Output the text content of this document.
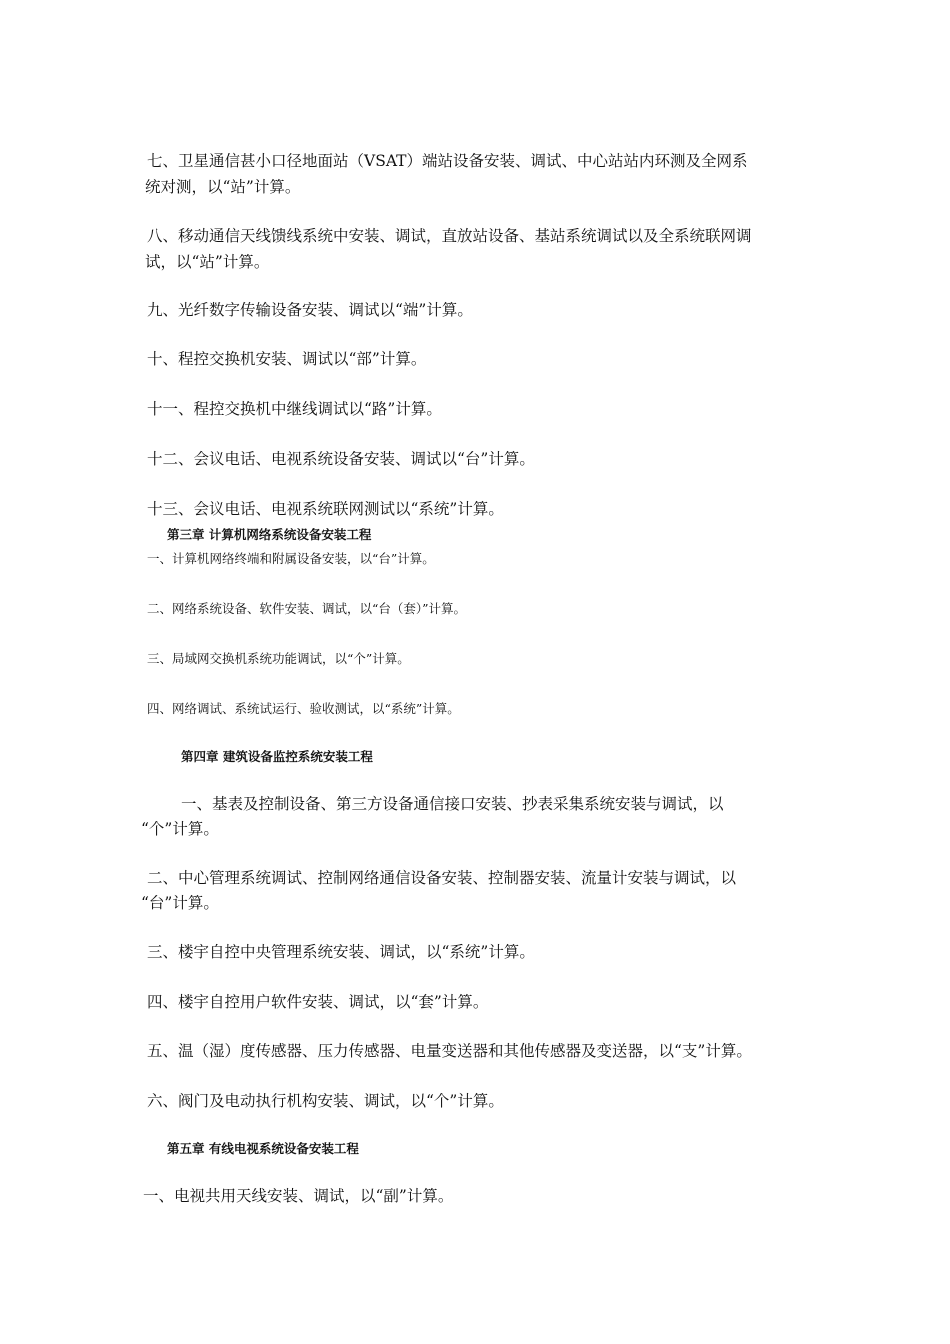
七、卫星通信甚小口径地面站（VSAT）端站设备安装、调试、中心站站内环测及全网系

统对测，以“站”计算。

八、移动通信天线馈线系统中安装、调试，直放站设备、基站系统调试以及全系统联网调

试，以“站”计算。

九、光纤数字传输设备安装、调试以“端”计算。

十、程控交换机安装、调试以“部”计算。

十一、程控交换机中继线调试以“路”计算。

十二、会议电话、电视系统设备安装、调试以“台”计算。

十三、会议电话、电视系统联网测试以“系统”计算。

第三章 计算机网络系统设备安装工程

一、计算机网络终端和附属设备安装，以“台”计算。

二、网络系统设备、软件安装、调试，以“台（套）”计算。

三、局域网交换机系统功能调试，以“个”计算。

四、网络调试、系统试运行、验收测试，以“系统”计算。

第四章 建筑设备监控系统安装工程

一、基表及控制设备、第三方设备通信接口安装、抄表采集系统安装与调试，以

“个”计算。

二、中心管理系统调试、控制网络通信设备安装、控制器安装、流量计安装与调试，以

“台”计算。

三、楼宇自控中央管理系统安装、调试，以“系统”计算。

四、楼宇自控用户软件安装、调试，以“套”计算。

五、温（湿）度传感器、压力传感器、电量变送器和其他传感器及变送器，以“支”计算。

六、阀门及电动执行机构安装、调试，以“个”计算。

第五章 有线电视系统设备安装工程

一、电视共用天线安装、调试，以“副”计算。
